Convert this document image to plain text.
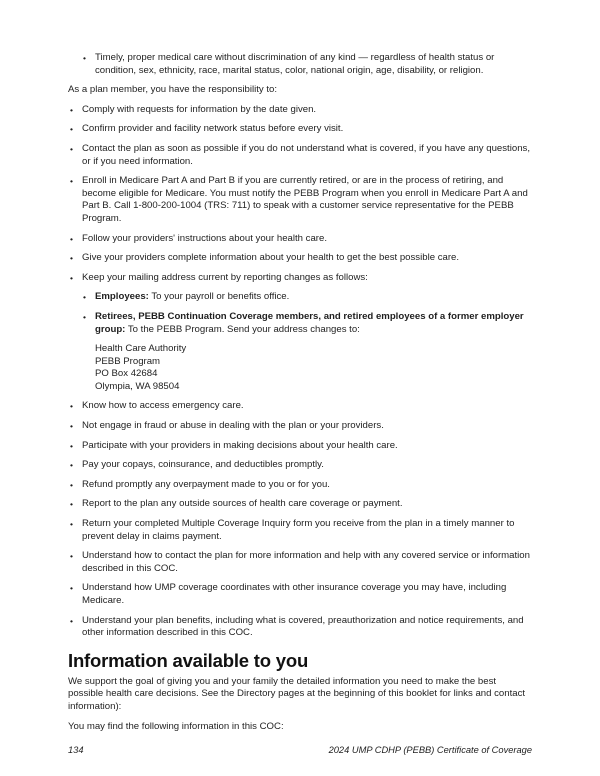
• Timely, proper medical care without discrimination of any kind — regardless of health status or condition, sex, ethnicity, race, marital status, color, national origin, age, disability, or religion.

As a plan member, you have the responsibility to:

• Comply with requests for information by the date given.
• Confirm provider and facility network status before every visit.
• Contact the plan as soon as possible if you do not understand what is covered, if you have any questions, or if you need information.
• Enroll in Medicare Part A and Part B if you are currently retired, or are in the process of retiring, and become eligible for Medicare. You must notify the PEBB Program when you enroll in Medicare Part A and Part B. Call 1-800-200-1004 (TRS: 711) to speak with a customer service representative for the PEBB Program.
• Follow your providers' instructions about your health care.
• Give your providers complete information about your health to get the best possible care.
• Keep your mailing address current by reporting changes as follows:
• Employees: To your payroll or benefits office.
• Retirees, PEBB Continuation Coverage members, and retired employees of a former employer group: To the PEBB Program. Send your address changes to:
Health Care Authority
PEBB Program
PO Box 42684
Olympia, WA 98504
• Know how to access emergency care.
• Not engage in fraud or abuse in dealing with the plan or your providers.
• Participate with your providers in making decisions about your health care.
• Pay your copays, coinsurance, and deductibles promptly.
• Refund promptly any overpayment made to you or for you.
• Report to the plan any outside sources of health care coverage or payment.
• Return your completed Multiple Coverage Inquiry form you receive from the plan in a timely manner to prevent delay in claims payment.
• Understand how to contact the plan for more information and help with any covered service or information described in this COC.
• Understand how UMP coverage coordinates with other insurance coverage you may have, including Medicare.
• Understand your plan benefits, including what is covered, preauthorization and notice requirements, and other information described in this COC.
Information available to you

We support the goal of giving you and your family the detailed information you need to make the best possible health care decisions. See the Directory pages at the beginning of this booklet for links and contact information):

You may find the following information in this COC:

134	2024 UMP CDHP (PEBB) Certificate of Coverage
